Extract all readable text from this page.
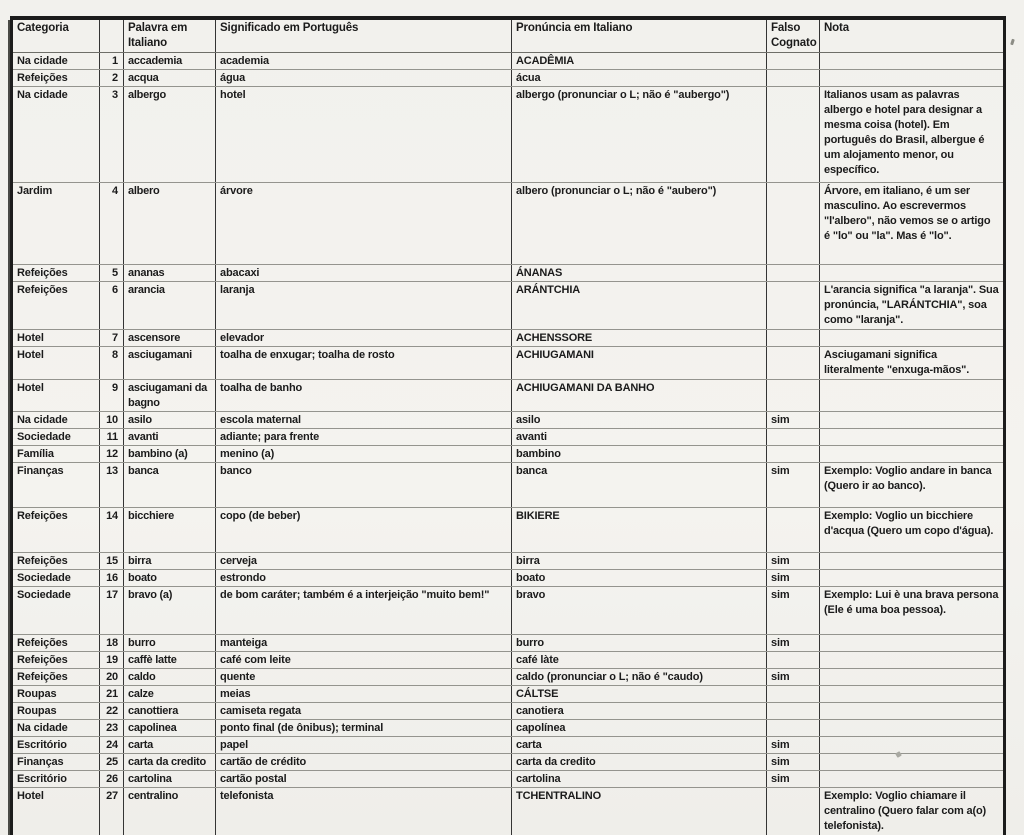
Categoria		Palavra em Italiano	Significado em Português	Pronúncia em Italiano	Falso Cognato	Nota
Na cidade	1	accademia	academia	ACADÊMIA		
Refeições	2	acqua	água	ácua		
Na cidade	3	albergo	hotel	albergo (pronunciar o L; não é "aubergo")		Italianos usam as palavras albergo e hotel para designar a mesma coisa (hotel). Em português do Brasil, albergue é um alojamento menor, ou específico.
Jardim	4	albero	árvore	albero (pronunciar o L; não é "aubero")		Árvore, em italiano, é um ser masculino. Ao escrevermos "l'albero", não vemos se o artigo é "lo" ou "la". Mas é "lo".
Refeições	5	ananas	abacaxi	ÁNANAS		
Refeições	6	arancia	laranja	ARÁNTCHIA		L'arancia significa "a laranja". Sua pronúncia, "LARÁNTCHIA", soa como "laranja".
Hotel	7	ascensore	elevador	ACHENSSORE		
Hotel	8	asciugamani	toalha de enxugar; toalha de rosto	ACHIUGAMANI		Asciugamani significa literalmente "enxuga-mãos".
Hotel	9	asciugamani da bagno	toalha de banho	ACHIUGAMANI DA BANHO		
Na cidade	10	asilo	escola maternal	asilo	sim	
Sociedade	11	avanti	adiante; para frente	avanti		
Família	12	bambino (a)	menino (a)	bambino		
Finanças	13	banca	banco	banca	sim	Exemplo: Voglio andare in banca (Quero ir ao banco).
Refeições	14	bicchiere	copo (de beber)	BIKIERE		Exemplo: Voglio un bicchiere d'acqua (Quero um copo d'água).
Refeições	15	birra	cerveja	birra	sim	
Sociedade	16	boato	estrondo	boato	sim	
Sociedade	17	bravo (a)	de bom caráter; também é a interjeição "muito bem!"	bravo	sim	Exemplo: Lui è una brava persona (Ele é uma boa pessoa).
Refeições	18	burro	manteiga	burro	sim	
Refeições	19	caffè latte	café com leite	café làte		
Refeições	20	caldo	quente	caldo (pronunciar o L; não é "caudo)	sim	
Roupas	21	calze	meias	CÁLTSE		
Roupas	22	canottiera	camiseta regata	canotiera		
Na cidade	23	capolinea	ponto final (de ônibus); terminal	capolínea		
Escritório	24	carta	papel	carta	sim	
Finanças	25	carta da credito	cartão de crédito	carta da credito	sim	
Escritório	26	cartolina	cartão postal	cartolina	sim	
Hotel	27	centralino	telefonista	TCHENTRALINO		Exemplo: Voglio chiamare il centralino (Quero falar com a(o) telefonista).
